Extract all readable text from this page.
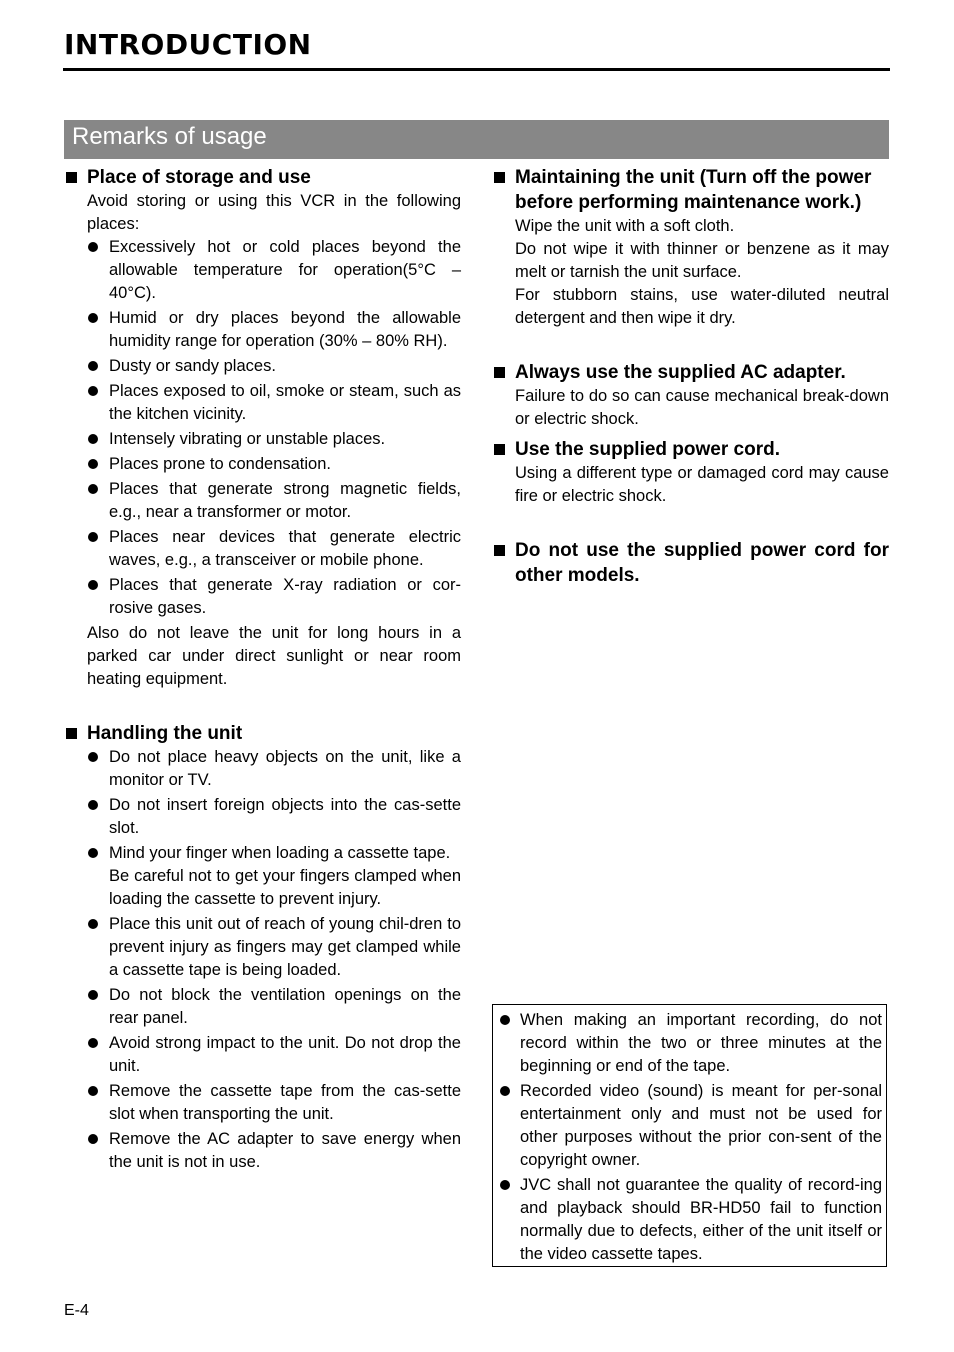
INTRODUCTION
Remarks of usage
Place of storage and use
Avoid storing or using this VCR in the following places:
Excessively hot or cold places beyond the allowable temperature for operation(5°C – 40°C).
Humid or dry places beyond the allowable humidity range for operation (30% – 80% RH).
Dusty or sandy places.
Places exposed to oil, smoke or steam, such as the kitchen vicinity.
Intensely vibrating or unstable places.
Places prone to condensation.
Places that generate strong magnetic fields, e.g., near a transformer or motor.
Places near devices that generate electric waves, e.g., a transceiver or mobile phone.
Places that generate X-ray radiation or cor-rosive gases.
Also do not leave the unit for long hours in a parked car under direct sunlight or near room heating equipment.
Handling the unit
Do not place heavy objects on the unit, like a monitor or TV.
Do not insert foreign objects into the cas-sette slot.
Mind your finger when loading a cassette tape.
Be careful not to get your fingers clamped when loading the cassette to prevent injury.
Place this unit out of reach of young chil-dren to prevent injury as fingers may get clamped while a cassette tape is being loaded.
Do not block the ventilation openings on the rear panel.
Avoid strong impact to the unit. Do not drop the unit.
Remove the cassette tape from the cas-sette slot when transporting the unit.
Remove the AC adapter to save energy when the unit is not in use.
Maintaining the unit (Turn off the power before performing maintenance work.)
Wipe the unit with a soft cloth.
Do not wipe it with thinner or benzene as it may melt or tarnish the unit surface.
For stubborn stains, use water-diluted neutral detergent and then wipe it dry.
Always use the supplied AC adapter.
Failure to do so can cause mechanical break-down or electric shock.
Use the supplied power cord.
Using a different type or damaged cord may cause fire or electric shock.
Do not use the supplied power cord for other models.
When making an important recording, do not record within the two or three minutes at the beginning or end of the tape.
Recorded video (sound) is meant for per-sonal entertainment only and must not be used for other purposes without the prior con-sent of the copyright owner.
JVC shall not guarantee the quality of record-ing and playback should BR-HD50 fail to function normally due to defects, either of the unit itself or the video cassette tapes.
E-4
